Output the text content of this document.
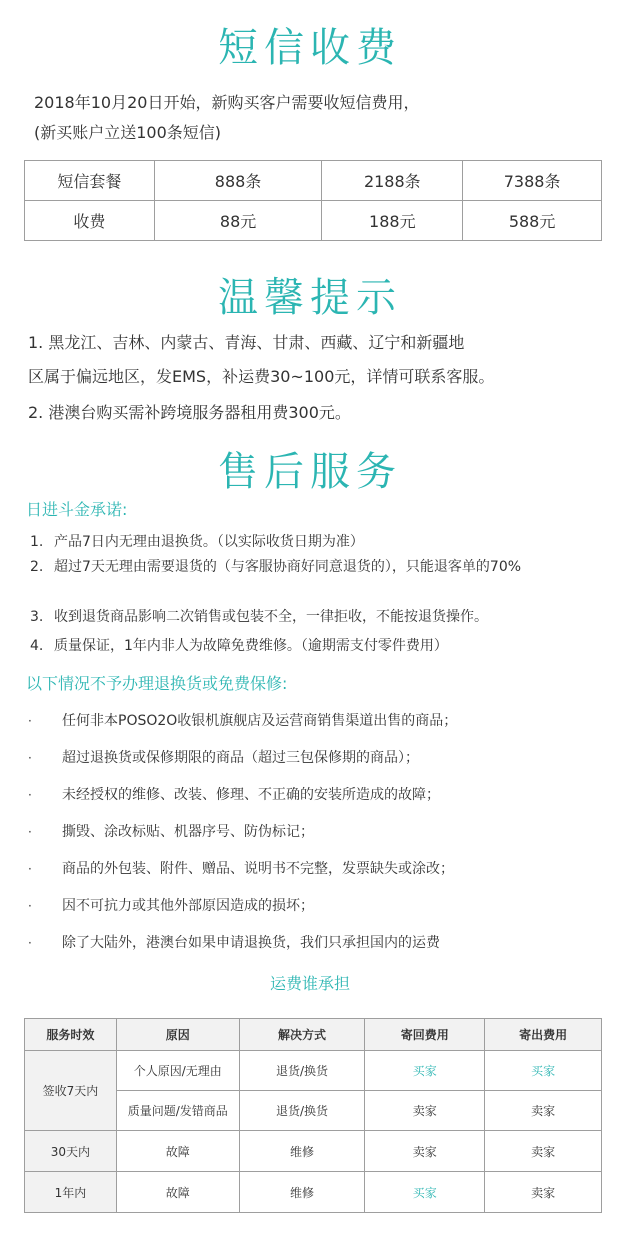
短信收费
2018年10月20日开始，新购买客户需要收短信费用，
(新买账户立送100条短信)
短信套餐	888条	2188条	7388条
收费	88元	188元	588元
温馨提示
1. 黑龙江、吉林、内蒙古、青海、甘肃、西藏、辽宁和新疆地
区属于偏远地区，发EMS，补运费30~100元，详情可联系客服。
2. 港澳台购买需补跨境服务器租用费300元。
售后服务
日进斗金承诺:
1. 产品7日内无理由退换货。（以实际收货日期为准）
2. 超过7天无理由需要退货的（与客服协商好同意退货的），只能退客单的70%
3. 收到退货商品影响二次销售或包装不全，一律拒收，不能按退货操作。
4. 质量保证，1年内非人为故障免费维修。（逾期需支付零件费用）
以下情况不予办理退换货或免费保修:
· 任何非本POSO2O收银机旗舰店及运营商销售渠道出售的商品；
· 超过退换货或保修期限的商品（超过三包保修期的商品）；
· 未经授权的维修、改装、修理、不正确的安装所造成的故障；
· 撕毁、涂改标贴、机器序号、防伪标记；
· 商品的外包装、附件、赠品、说明书不完整，发票缺失或涂改；
· 因不可抗力或其他外部原因造成的损坏；
· 除了大陆外，港澳台如果申请退换货，我们只承担国内的运费
运费谁承担
服务时效	原因	解决方式	寄回费用	寄出费用
签收7天内	个人原因/无理由	退货/换货	买家	买家
	质量问题/发错商品	退货/换货	卖家	卖家
30天内	故障	维修	卖家	卖家
1年内	故障	维修	买家	卖家
